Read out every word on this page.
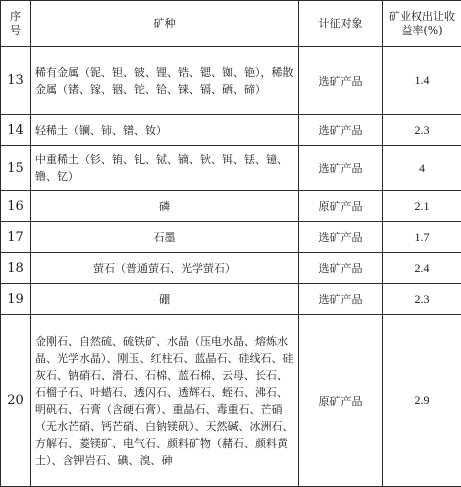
序号	矿种	计征对象	矿业权出让收益率(%)
13	稀有金属（铌、钽、铍、锂、锆、锶、铷、铯），稀散金属（锗、镓、铟、铊、铪、铼、镉、硒、碲）	选矿产品	1.4
14	轻稀土（镧、铈、镨、钕）	选矿产品	2.3
15	中重稀土（钐、铕、钆、铽、镝、钬、铒、铥、镱、镥、钇）	选矿产品	4
16	磷	原矿产品	2.1
17	石墨	选矿产品	1.7
18	萤石（普通萤石、光学萤石）	选矿产品	2.4
19	硼	选矿产品	2.3
20	金刚石、自然硫、硫铁矿、水晶（压电水晶、熔炼水晶、光学水晶）、刚玉、红柱石、蓝晶石、硅线石、硅灰石、钠硝石、滑石、石棉、蓝石棉、云母、长石、石榴子石、叶蜡石、透闪石、透辉石、蛭石、沸石、明矾石、石膏（含硬石膏）、重晶石、毒重石、芒硝（无水芒硝、钙芒硝、白钠镁矾）、天然碱、冰洲石、方解石、菱镁矿、电气石、颜料矿物（赭石、颜料黄土）、含钾岩石、碘、溴、砷	原矿产品	2.9
